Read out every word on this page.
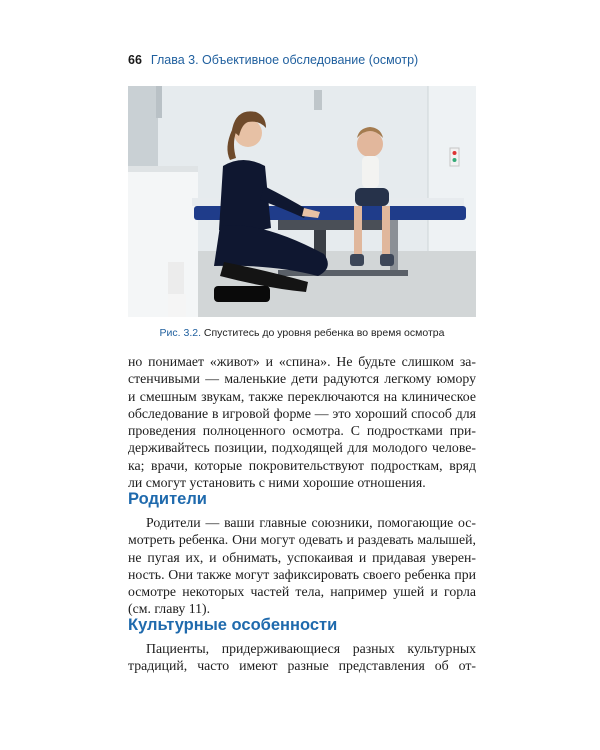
66 Глава 3. Объективное обследование (осмотр)
Рис. 3.2. Спуститесь до уровня ребенка во время осмотра
но понимает «живот» и «спина». Не будьте слишком за-
стенчивыми — маленькие дети радуются легкому юмору
и смешным звукам, также переключаются на клиническое
обследование в игровой форме — это хороший способ для
проведения полноценного осмотра. С подростками при-
держивайтесь позиции, подходящей для молодого челове-
ка; врачи, которые покровительствуют подросткам, вряд
ли смогут установить с ними хорошие отношения.
Родители
Родители — ваши главные союзники, помогающие ос-
мотреть ребенка. Они могут одевать и раздевать малышей,
не пугая их, и обнимать, успокаивая и придавая уверен-
ность. Они также могут зафиксировать своего ребенка при
осмотре некоторых частей тела, например ушей и горла
(см. главу 11).
Культурные особенности
Пациенты, придерживающиеся разных культурных
традиций, часто имеют разные представления об от-
